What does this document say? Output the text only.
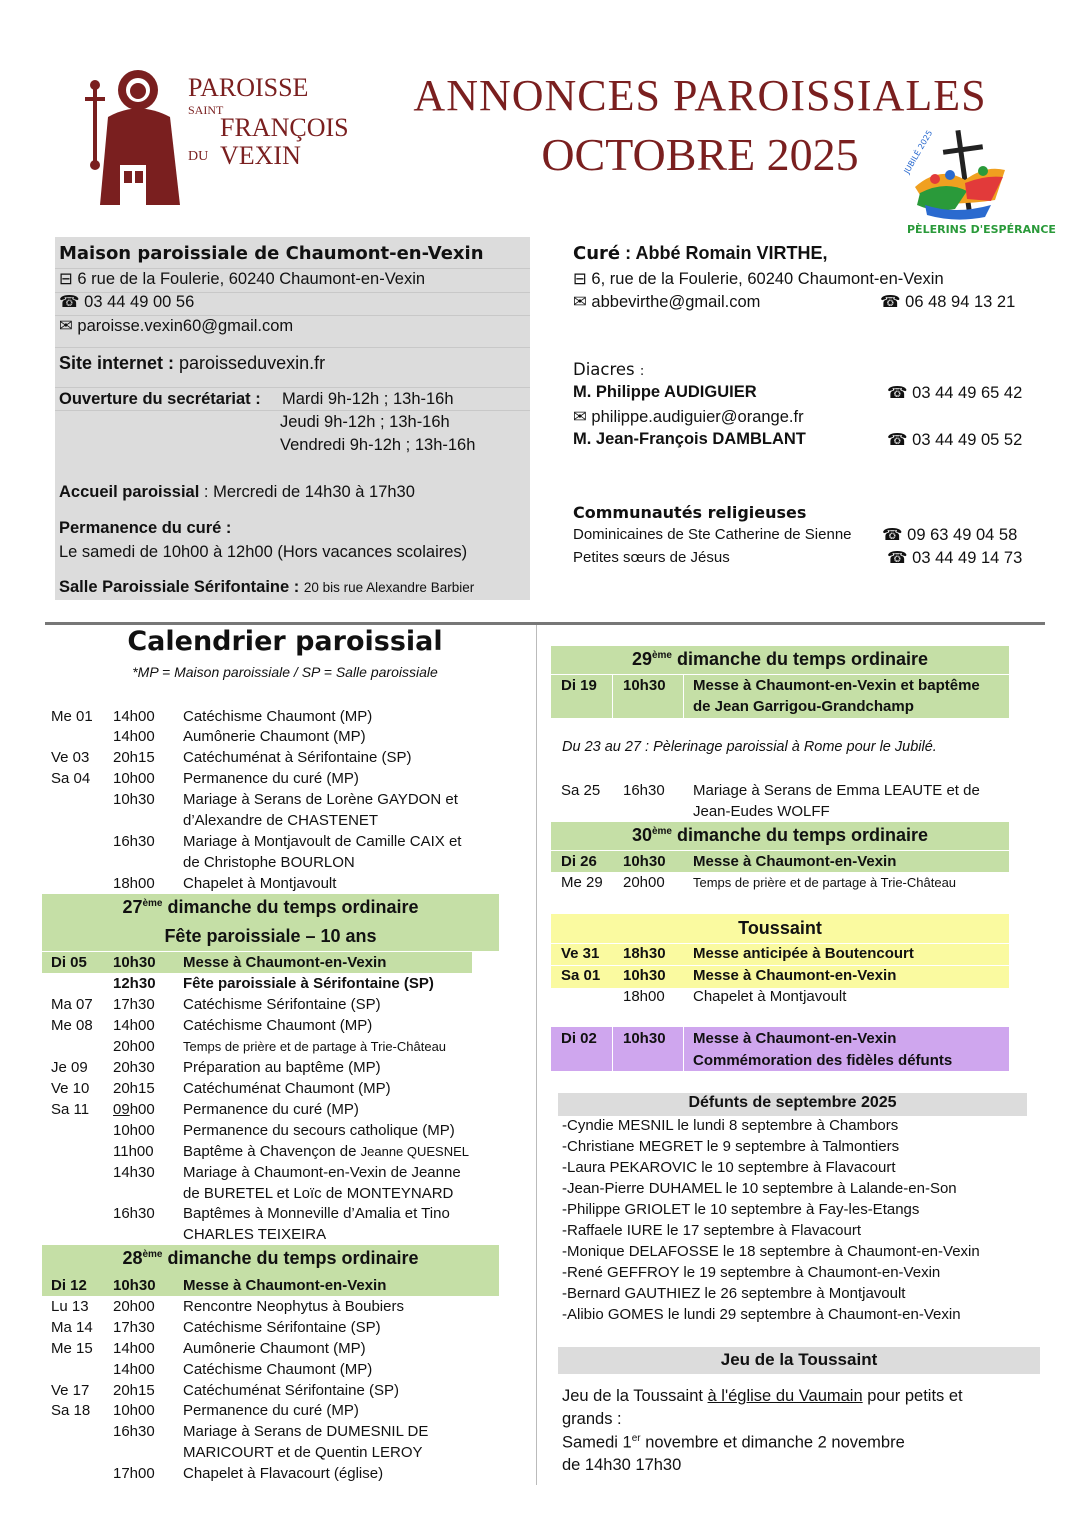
PAROISSE
SAINT
FRANÇOIS
DU VEXIN
ANNONCES PAROISSIALES
OCTOBRE 2025	JUBILÉ 2025
PÈLERINS D'ESPÉRANCE
Maison paroissiale de Chaumont-en-Vexin
⊟ 6 rue de la Foulerie, 60240 Chaumont-en-Vexin
☎ 03 44 49 00 56
✉ paroisse.vexin60@gmail.com
Site internet : paroisseduvexin.fr
Ouverture du secrétariat : Mardi 9h-12h ; 13h-16h
Jeudi 9h-12h ; 13h-16h
Vendredi 9h-12h ; 13h-16h
Accueil paroissial : Mercredi de 14h30 à 17h30
Permanence du curé :
Le samedi de 10h00 à 12h00 (Hors vacances scolaires)
Salle Paroissiale Sérifontaine : 20 bis rue Alexandre Barbier
Curé : Abbé Romain VIRTHE,
⊟ 6, rue de la Foulerie, 60240 Chaumont-en-Vexin
✉ abbevirthe@gmail.com	☎ 06 48 94 13 21
Diacres :
M. Philippe AUDIGUIER	☎ 03 44 49 65 42
✉ philippe.audiguier@orange.fr
M. Jean-François DAMBLANT	☎ 03 44 49 05 52
Communautés religieuses
Dominicaines de Ste Catherine de Sienne ☎ 09 63 49 04 58
Petites sœurs de Jésus	☎ 03 44 49 14 73
Calendrier paroissial
*MP = Maison paroissiale / SP = Salle paroissiale
Me 01 14h00 Catéchisme Chaumont (MP)
14h00 Aumônerie Chaumont (MP)
Ve 03 20h15 Catéchuménat à Sérifontaine (SP)
Sa 04 10h00 Permanence du curé (MP)
10h30 Mariage à Serans de Lorène GAYDON et
d’Alexandre de CHASTENET
16h30 Mariage à Montjavoult de Camille CAIX et
de Christophe BOURLON
18h00 Chapelet à Montjavoult
27ème dimanche du temps ordinaire
Fête paroissiale – 10 ans
Di 05 10h30 Messe à Chaumont-en-Vexin
12h30 Fête paroissiale à Sérifontaine (SP)
Ma 07 17h30 Catéchisme Sérifontaine (SP)
Me 08 14h00 Catéchisme Chaumont (MP)
20h00 Temps de prière et de partage à Trie-Château
Je 09 20h30 Préparation au baptême (MP)
Ve 10 20h15 Catéchuménat Chaumont (MP)
Sa 11 09h00 Permanence du curé (MP)
10h00 Permanence du secours catholique (MP)
11h00 Baptême à Chavençon de Jeanne QUESNEL
14h30 Mariage à Chaumont-en-Vexin de Jeanne
de BURETEL et Loïc de MONTEYNARD
16h30 Baptêmes à Monneville d’Amalia et Tino
CHARLES TEIXEIRA
28ème dimanche du temps ordinaire
Di 12 10h30 Messe à Chaumont-en-Vexin
Lu 13 20h00 Rencontre Neophytus à Boubiers
Ma 14 17h30 Catéchisme Sérifontaine (SP)
Me 15 14h00 Aumônerie Chaumont (MP)
14h00 Catéchisme Chaumont (MP)
Ve 17 20h15 Catéchuménat Sérifontaine (SP)
Sa 18 10h00 Permanence du curé (MP)
16h30 Mariage à Serans de DUMESNIL DE
MARICOURT et de Quentin LEROY
17h00 Chapelet à Flavacourt (église)
29ème dimanche du temps ordinaire
Di 19 10h30 Messe à Chaumont-en-Vexin et baptême
de Jean Garrigou-Grandchamp
Du 23 au 27 : Pèlerinage paroissial à Rome pour le Jubilé.
Sa 25 16h30 Mariage à Serans de Emma LEAUTE et de
Jean-Eudes WOLFF
30ème dimanche du temps ordinaire
Di 26 10h30 Messe à Chaumont-en-Vexin
Me 29 20h00 Temps de prière et de partage à Trie-Château
Toussaint
Ve 31 18h30 Messe anticipée à Boutencourt
Sa 01 10h30 Messe à Chaumont-en-Vexin
18h00 Chapelet à Montjavoult
Di 02 10h30 Messe à Chaumont-en-Vexin
Commémoration des fidèles défunts
Défunts de septembre 2025
-Cyndie MESNIL le lundi 8 septembre à Chambors
-Christiane MEGRET le 9 septembre à Talmontiers
-Laura PEKAROVIC le 10 septembre à Flavacourt
-Jean-Pierre DUHAMEL le 10 septembre à Lalande-en-Son
-Philippe GRIOLET le 10 septembre à Fay-les-Etangs
-Raffaele IURE le 17 septembre à Flavacourt
-Monique DELAFOSSE le 18 septembre à Chaumont-en-Vexin
-René GEFFROY le 19 septembre à Chaumont-en-Vexin
-Bernard GAUTHIEZ le 26 septembre à Montjavoult
-Alibio GOMES le lundi 29 septembre à Chaumont-en-Vexin
Jeu de la Toussaint
Jeu de la Toussaint à l'église du Vaumain pour petits et
grands :
Samedi 1er novembre et dimanche 2 novembre
de 14h30 17h30
